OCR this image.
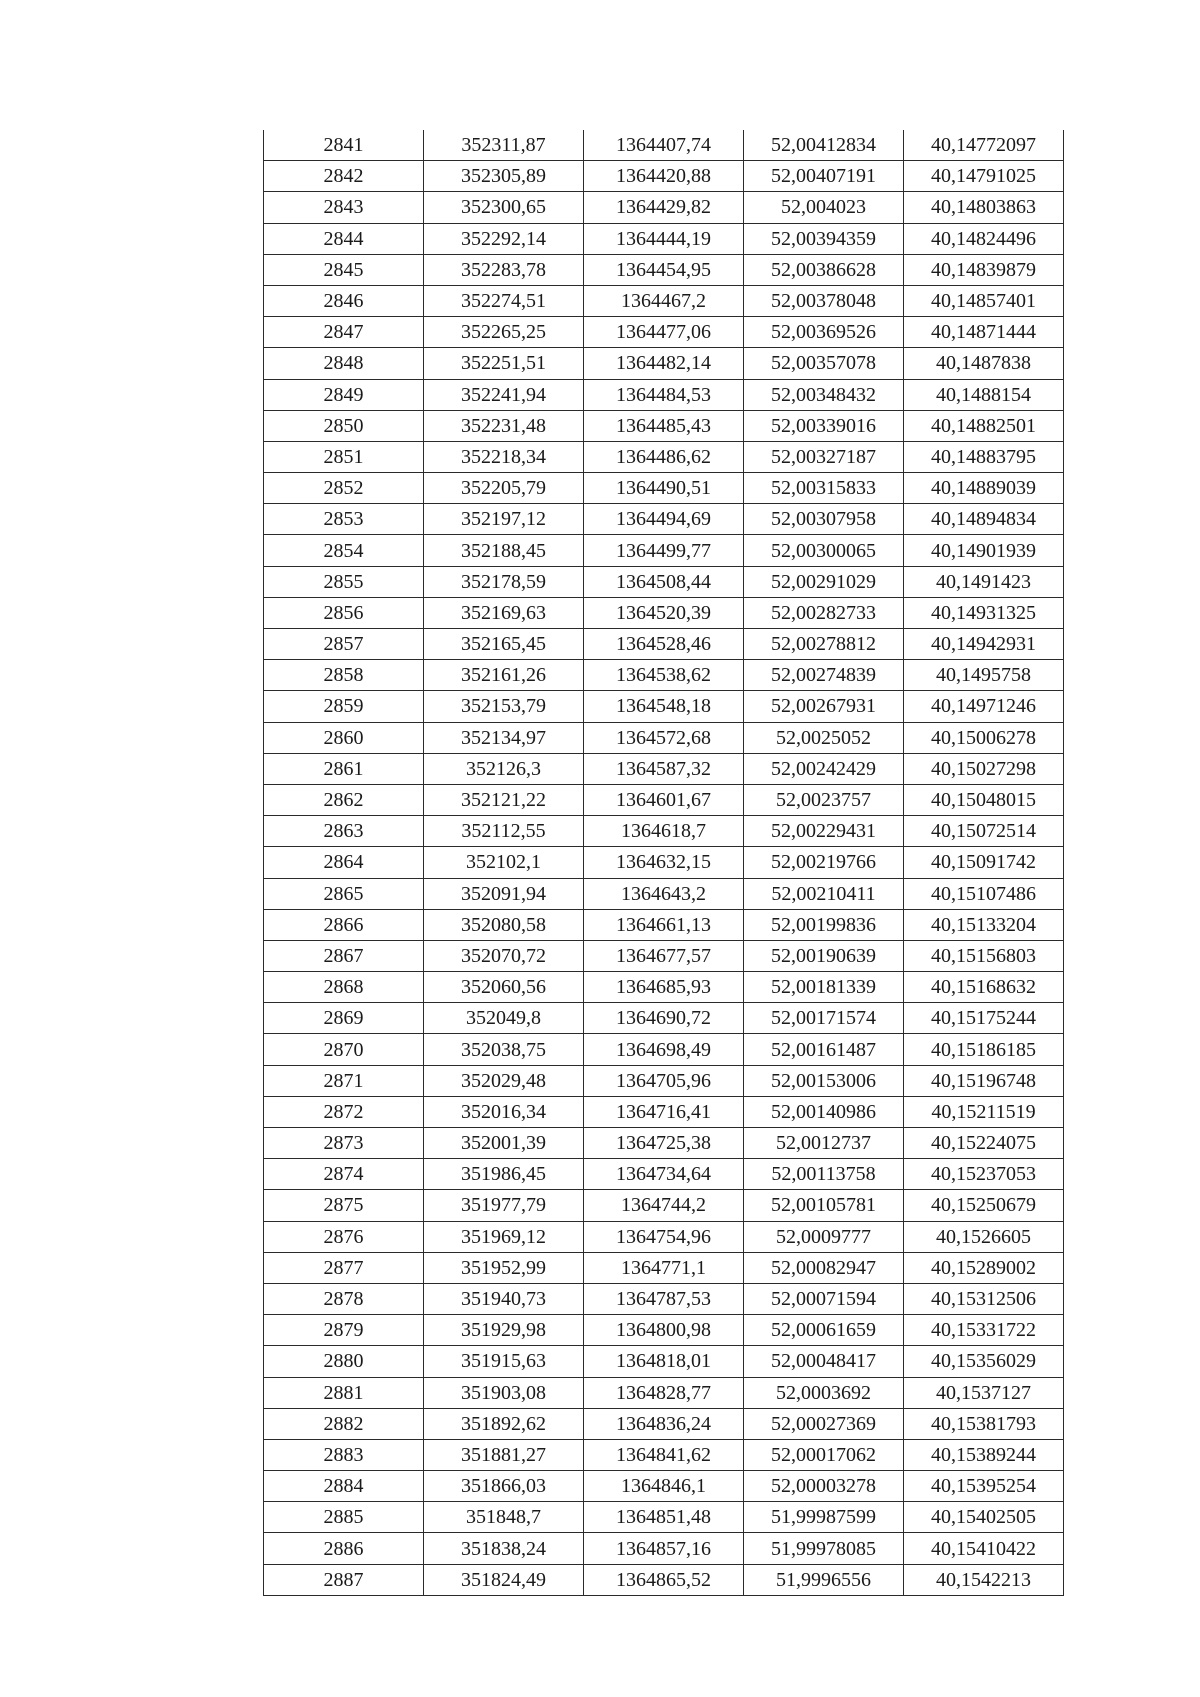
2841	352311,87	1364407,74	52,00412834	40,14772097
2842	352305,89	1364420,88	52,00407191	40,14791025
2843	352300,65	1364429,82	52,004023	40,14803863
2844	352292,14	1364444,19	52,00394359	40,14824496
2845	352283,78	1364454,95	52,00386628	40,14839879
2846	352274,51	1364467,2	52,00378048	40,14857401
2847	352265,25	1364477,06	52,00369526	40,14871444
2848	352251,51	1364482,14	52,00357078	40,1487838
2849	352241,94	1364484,53	52,00348432	40,1488154
2850	352231,48	1364485,43	52,00339016	40,14882501
2851	352218,34	1364486,62	52,00327187	40,14883795
2852	352205,79	1364490,51	52,00315833	40,14889039
2853	352197,12	1364494,69	52,00307958	40,14894834
2854	352188,45	1364499,77	52,00300065	40,14901939
2855	352178,59	1364508,44	52,00291029	40,1491423
2856	352169,63	1364520,39	52,00282733	40,14931325
2857	352165,45	1364528,46	52,00278812	40,14942931
2858	352161,26	1364538,62	52,00274839	40,1495758
2859	352153,79	1364548,18	52,00267931	40,14971246
2860	352134,97	1364572,68	52,0025052	40,15006278
2861	352126,3	1364587,32	52,00242429	40,15027298
2862	352121,22	1364601,67	52,0023757	40,15048015
2863	352112,55	1364618,7	52,00229431	40,15072514
2864	352102,1	1364632,15	52,00219766	40,15091742
2865	352091,94	1364643,2	52,00210411	40,15107486
2866	352080,58	1364661,13	52,00199836	40,15133204
2867	352070,72	1364677,57	52,00190639	40,15156803
2868	352060,56	1364685,93	52,00181339	40,15168632
2869	352049,8	1364690,72	52,00171574	40,15175244
2870	352038,75	1364698,49	52,00161487	40,15186185
2871	352029,48	1364705,96	52,00153006	40,15196748
2872	352016,34	1364716,41	52,00140986	40,15211519
2873	352001,39	1364725,38	52,0012737	40,15224075
2874	351986,45	1364734,64	52,00113758	40,15237053
2875	351977,79	1364744,2	52,00105781	40,15250679
2876	351969,12	1364754,96	52,0009777	40,1526605
2877	351952,99	1364771,1	52,00082947	40,15289002
2878	351940,73	1364787,53	52,00071594	40,15312506
2879	351929,98	1364800,98	52,00061659	40,15331722
2880	351915,63	1364818,01	52,00048417	40,15356029
2881	351903,08	1364828,77	52,0003692	40,1537127
2882	351892,62	1364836,24	52,00027369	40,15381793
2883	351881,27	1364841,62	52,00017062	40,15389244
2884	351866,03	1364846,1	52,00003278	40,15395254
2885	351848,7	1364851,48	51,99987599	40,15402505
2886	351838,24	1364857,16	51,99978085	40,15410422
2887	351824,49	1364865,52	51,9996556	40,1542213
